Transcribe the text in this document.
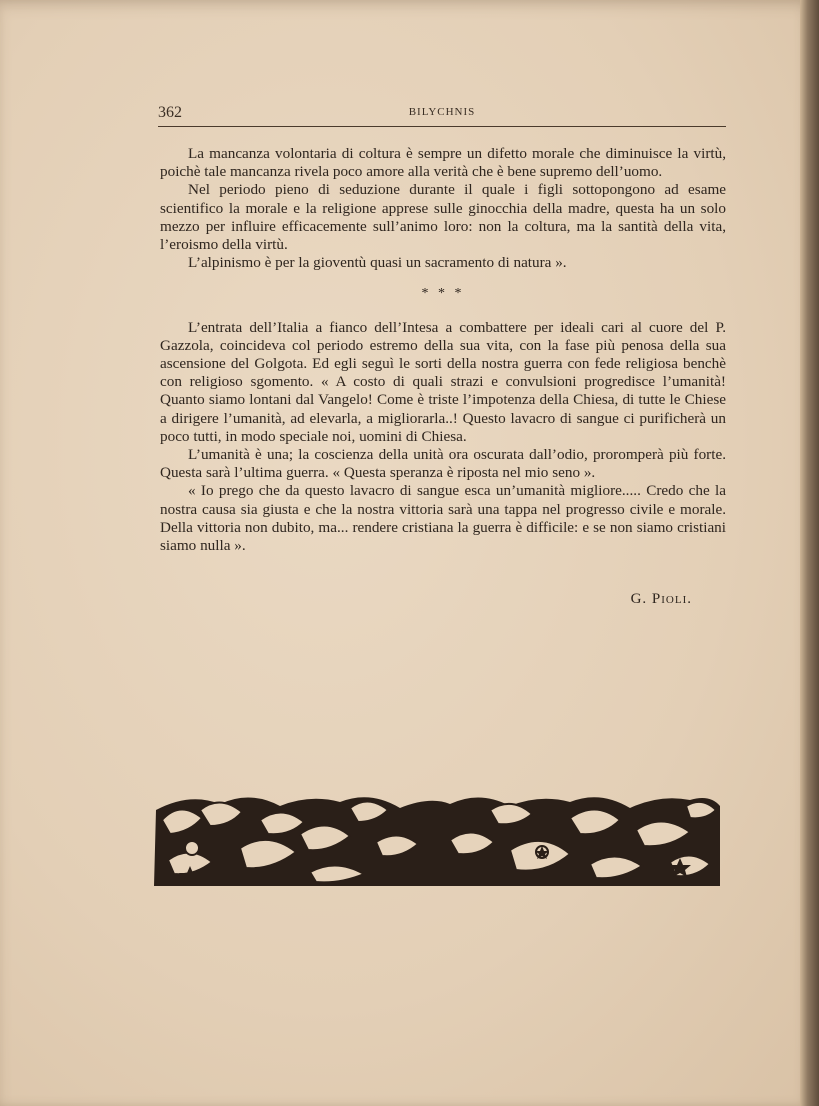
362	BILYCHNIS

La mancanza volontaria di coltura è sempre un difetto morale che diminuisce la virtù, poichè tale mancanza rivela poco amore alla verità che è bene supremo dell’uomo.

Nel periodo pieno di seduzione durante il quale i figli sottopongono ad esame scientifico la morale e la religione apprese sulle ginocchia della madre, questa ha un solo mezzo per influire efficacemente sull’animo loro: non la coltura, ma la santità della vita, l’eroismo della virtù.

L’alpinismo è per la gioventù quasi un sacramento di natura ».

* * *

L’entrata dell’Italia a fianco dell’Intesa a combattere per ideali cari al cuore del P. Gazzola, coincideva col periodo estremo della sua vita, con la fase più penosa della sua ascensione del Golgota. Ed egli seguì le sorti della nostra guerra con fede religiosa benchè con religioso sgomento. « A costo di quali strazi e convulsioni progredisce l’umanità! Quanto siamo lontani dal Vangelo! Come è triste l’impotenza della Chiesa, di tutte le Chiese a dirigere l’umanità, ad elevarla, a migliorarla..! Questo lavacro di sangue ci purificherà un poco tutti, in modo speciale noi, uomini di Chiesa.

L’umanità è una; la coscienza della unità ora oscurata dall’odio, proromperà più forte. Questa sarà l’ultima guerra. « Questa speranza è riposta nel mio seno ».

« Io prego che da questo lavacro di sangue esca un’umanità migliore..... Credo che la nostra causa sia giusta e che la nostra vittoria sarà una tappa nel progresso civile e morale. Della vittoria non dubito, ma... rendere cristiana la guerra è difficile: e se non siamo cristiani siamo nulla ».

G. Pioli.
